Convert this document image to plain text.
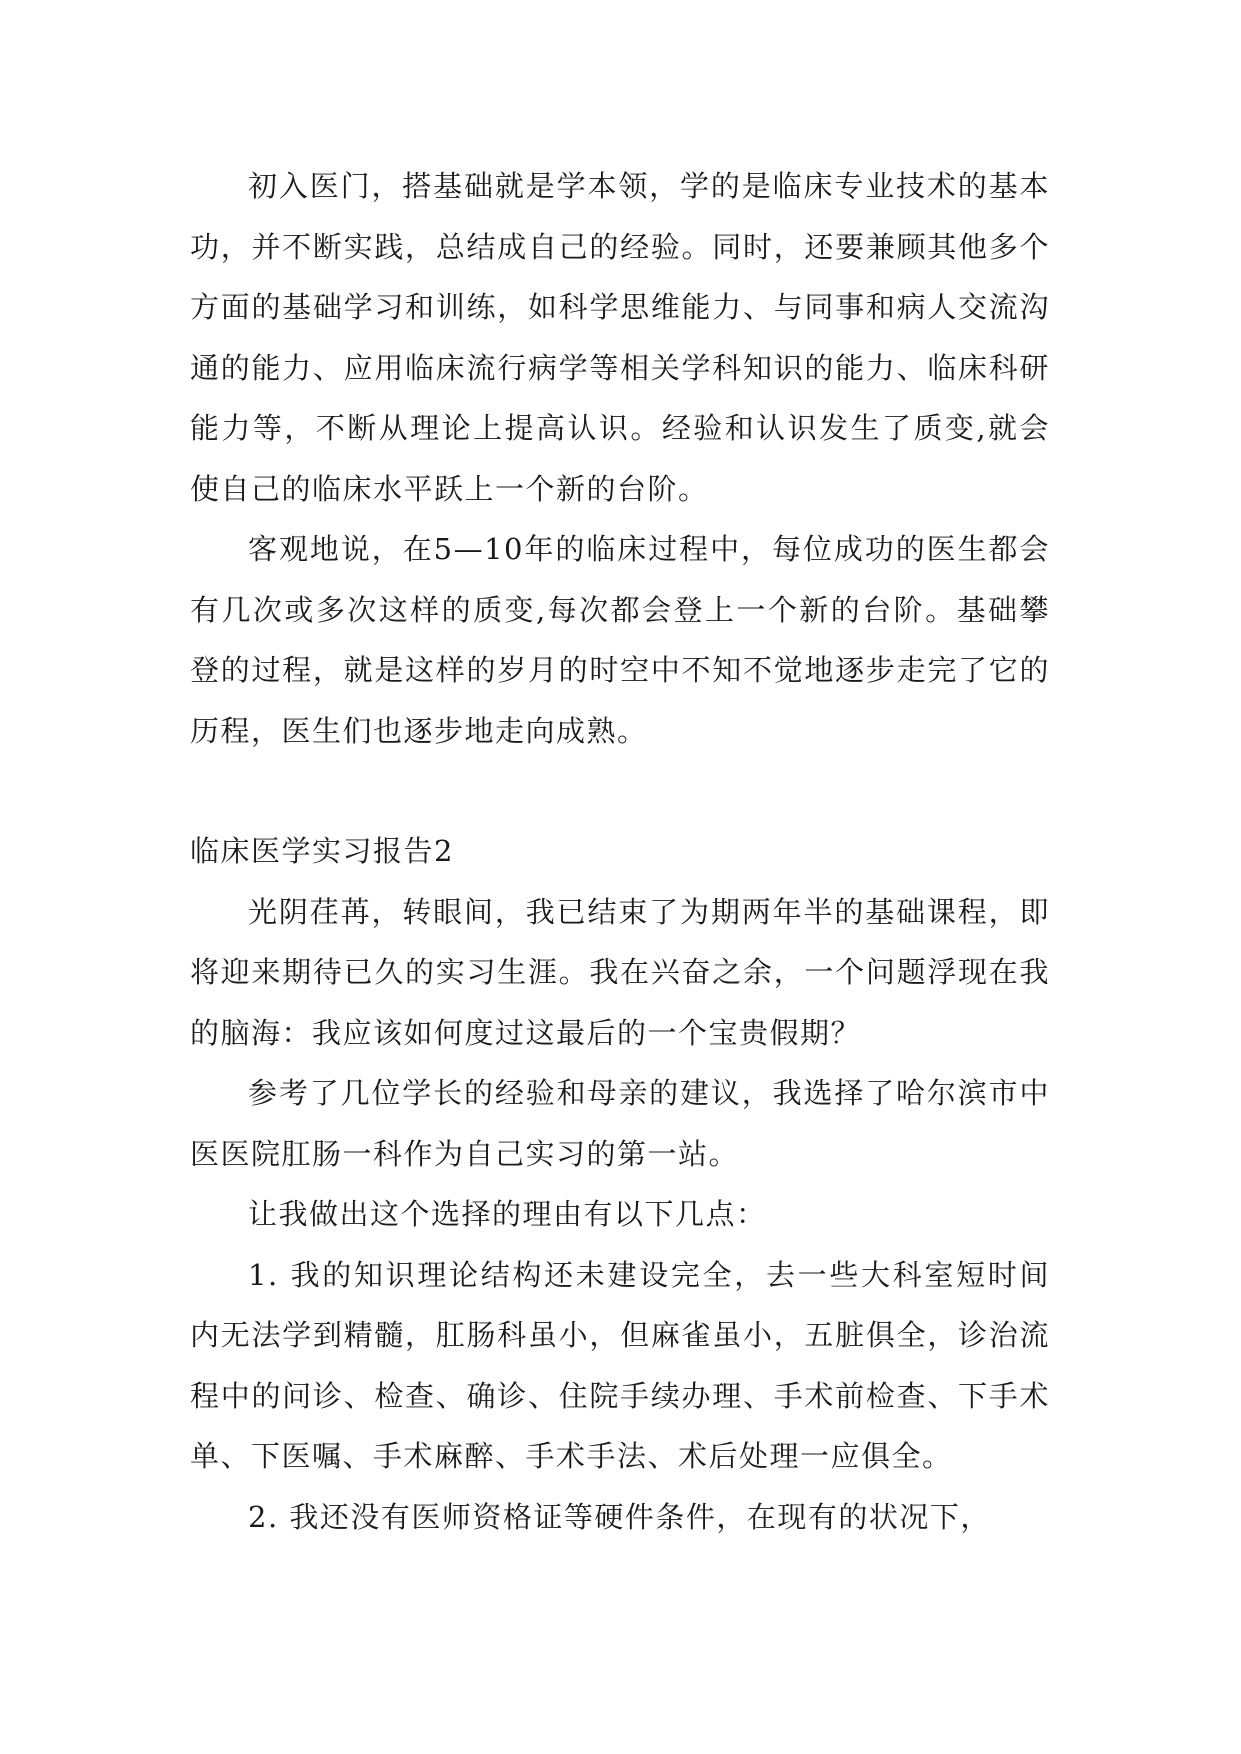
初入医门，搭基础就是学本领，学的是临床专业技术的基本功，并不断实践，总结成自己的经验。同时，还要兼顾其他多个方面的基础学习和训练，如科学思维能力、与同事和病人交流沟通的能力、应用临床流行病学等相关学科知识的能力、临床科研能力等，不断从理论上提高认识。经验和认识发生了质变,就会使自己的临床水平跃上一个新的台阶。

客观地说，在5—10年的临床过程中，每位成功的医生都会有几次或多次这样的质变,每次都会登上一个新的台阶。基础攀登的过程，就是这样的岁月的时空中不知不觉地逐步走完了它的历程，医生们也逐步地走向成熟。

临床医学实习报告2

光阴荏苒，转眼间，我已结束了为期两年半的基础课程，即将迎来期待已久的实习生涯。我在兴奋之余，一个问题浮现在我的脑海：我应该如何度过这最后的一个宝贵假期？

参考了几位学长的经验和母亲的建议，我选择了哈尔滨市中医医院肛肠一科作为自己实习的第一站。

让我做出这个选择的理由有以下几点：

1. 我的知识理论结构还未建设完全，去一些大科室短时间内无法学到精髓，肛肠科虽小，但麻雀虽小，五脏俱全，诊治流程中的问诊、检查、确诊、住院手续办理、手术前检查、下手术单、下医嘱、手术麻醉、手术手法、术后处理一应俱全。

2. 我还没有医师资格证等硬件条件，在现有的状况下，
